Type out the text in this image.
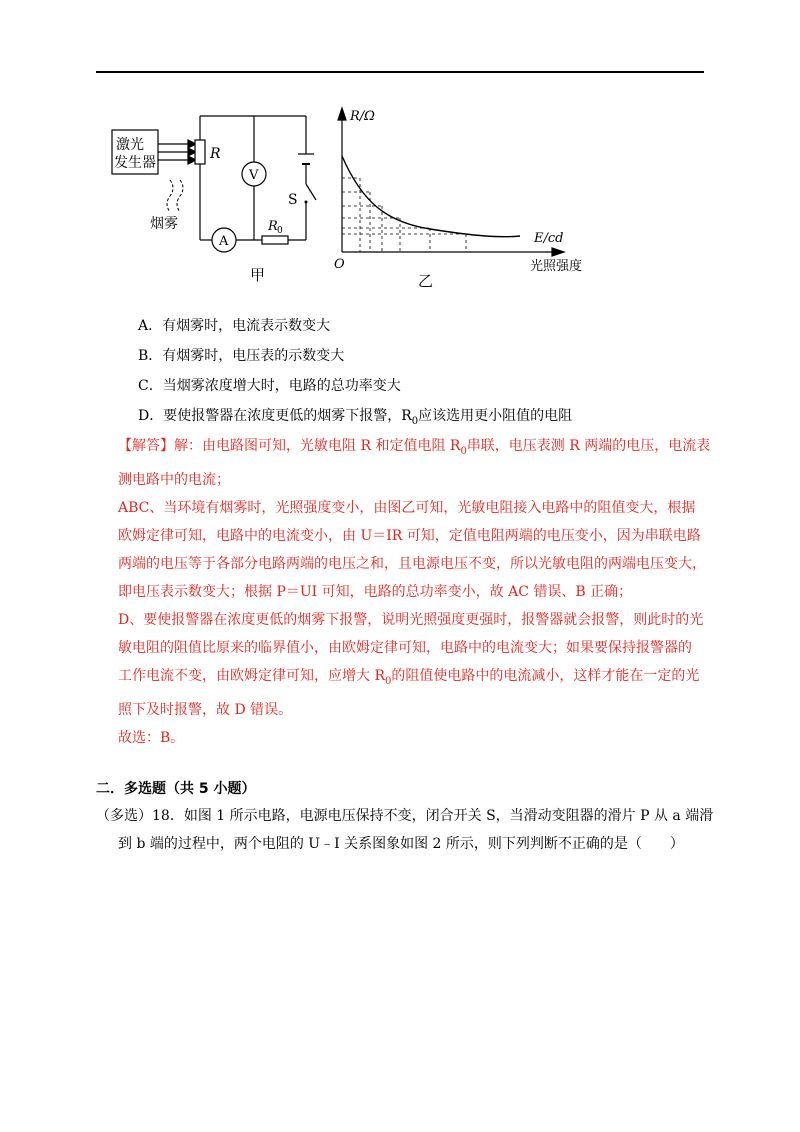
激光
发生器
烟雾
R
V
S
A
R 0
甲
R/Ω
E/cd
光照强度
O
乙
A．有烟雾时，电流表示数变大
B．有烟雾时，电压表的示数变大
C．当烟雾浓度增大时，电路的总功率变大
D．要使报警器在浓度更低的烟雾下报警，$R_0$应该选用更小阻值的电阻
【解答】解：由电路图可知，光敏电阻 R 和定值电阻 $R_0$串联，电压表测 R 两端的电压，电流表
测电路中的电流；
ABC、当环境有烟雾时，光照强度变小，由图乙可知，光敏电阻接入电路中的阻值变大，根据
欧姆定律可知，电路中的电流变小，由 U＝IR 可知，定值电阻两端的电压变小，因为串联电路
两端的电压等于各部分电路两端的电压之和，且电源电压不变，所以光敏电阻的两端电压变大，
即电压表示数变大；根据 P＝UI 可知，电路的总功率变小，故 AC 错误、B 正确；
D、要使报警器在浓度更低的烟雾下报警，说明光照强度更强时，报警器就会报警，则此时的光
敏电阻的阻值比原来的临界值小，由欧姆定律可知，电路中的电流变大；如果要保持报警器的
工作电流不变，由欧姆定律可知，应增大 $R_0$的阻值使电路中的电流减小，这样才能在一定的光
照下及时报警，故 D 错误。
故选：B。
二．多选题（共 5 小题）
（多选）18．如图 1 所示电路，电源电压保持不变，闭合开关 S，当滑动变阻器的滑片 P 从 a 端滑
到 b 端的过程中，两个电阻的 U﹣I 关系图象如图 2 所示，则下列判断不正确的是（　　）
